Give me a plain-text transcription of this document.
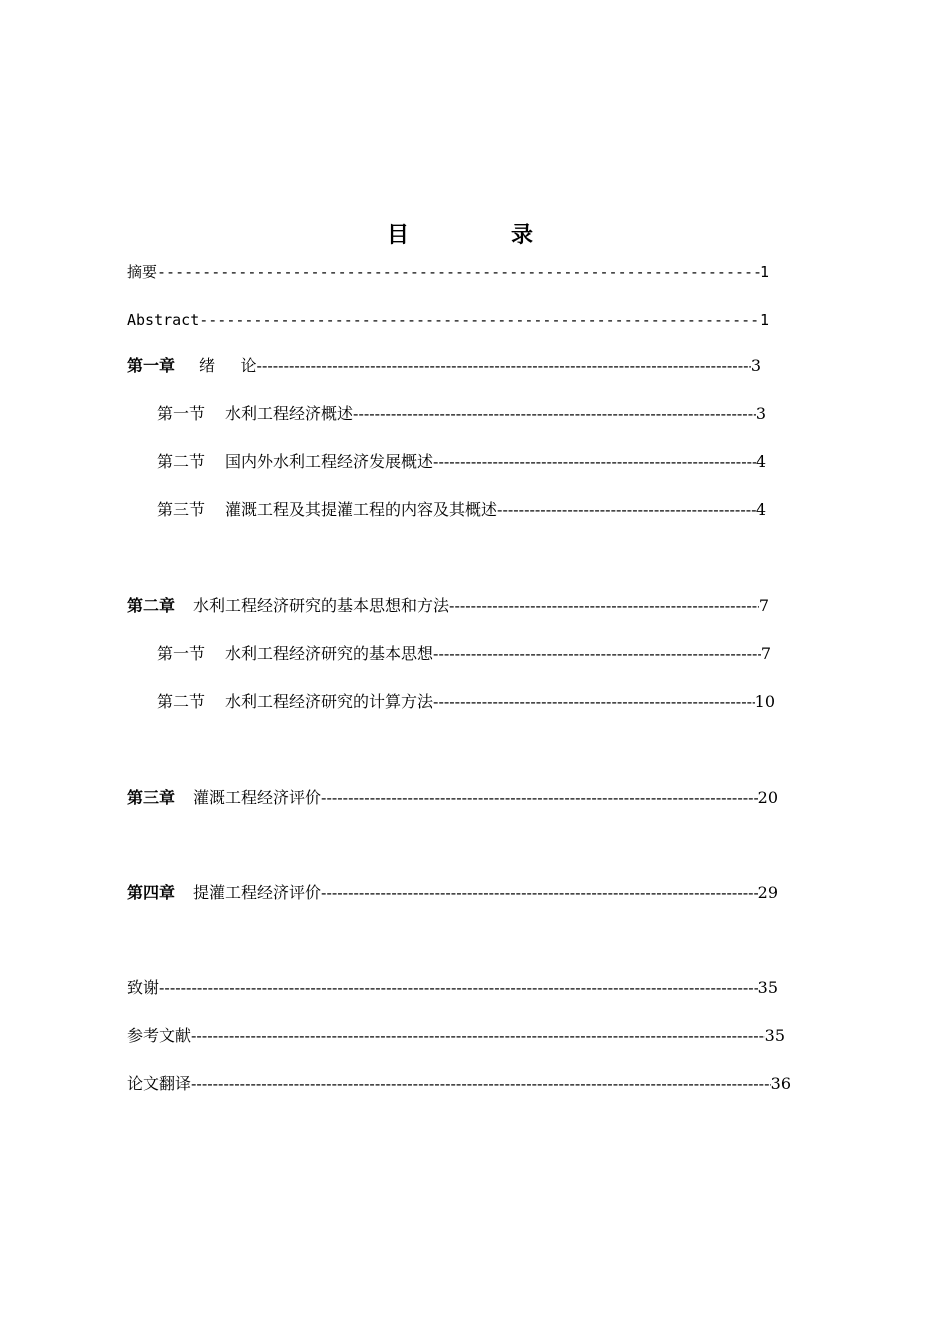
目　录
摘要 -----	1
Abstract -----	1
第一章 绪 论 -----	3
第一节 水利工程经济概述 -----	3
第二节 国内外水利工程经济发展概述 -----	4
第三节 灌溉工程及其提灌工程的内容及其概述 -----	4
第二章 水利工程经济研究的基本思想和方法 -----	7
第一节 水利工程经济研究的基本思想 -----	7
第二节 水利工程经济研究的计算方法 -----	10
第三章 灌溉工程经济评价 -----	20
第四章 提灌工程经济评价 -----	29
致谢 -----	35
参考文献 -----	35
论文翻译 -----	36
